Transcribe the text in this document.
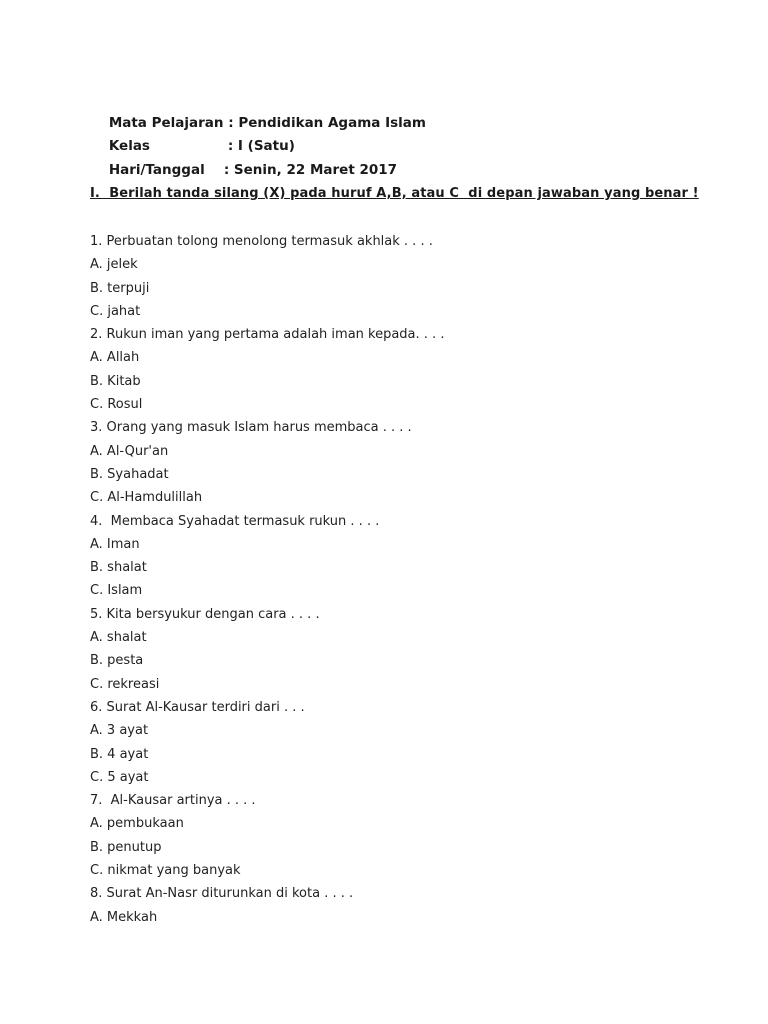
Mata Pelajaran : Pendidikan Agama Islam

Kelas	: I (Satu)

Hari/Tanggal : Senin, 22 Maret 2017

I.  Berilah tanda silang (X) pada huruf A,B, atau C  di depan jawaban yang benar !
1. Perbuatan tolong menolong termasuk akhlak . . . .
A. jelek
B. terpuji
C. jahat
2. Rukun iman yang pertama adalah iman kepada. . . .
A. Allah
B. Kitab
C. Rosul
3. Orang yang masuk Islam harus membaca . . . .
A. Al-Qur'an
B. Syahadat
C. Al-Hamdulillah
4.  Membaca Syahadat termasuk rukun . . . .
A. Iman
B. shalat
C. Islam
5. Kita bersyukur dengan cara . . . .
A. shalat
B. pesta
C. rekreasi
6. Surat Al-Kausar terdiri dari . . .
A. 3 ayat
B. 4 ayat
C. 5 ayat
7.  Al-Kausar artinya . . . .
A. pembukaan
B. penutup
C. nikmat yang banyak
8. Surat An-Nasr diturunkan di kota . . . .
A. Mekkah
